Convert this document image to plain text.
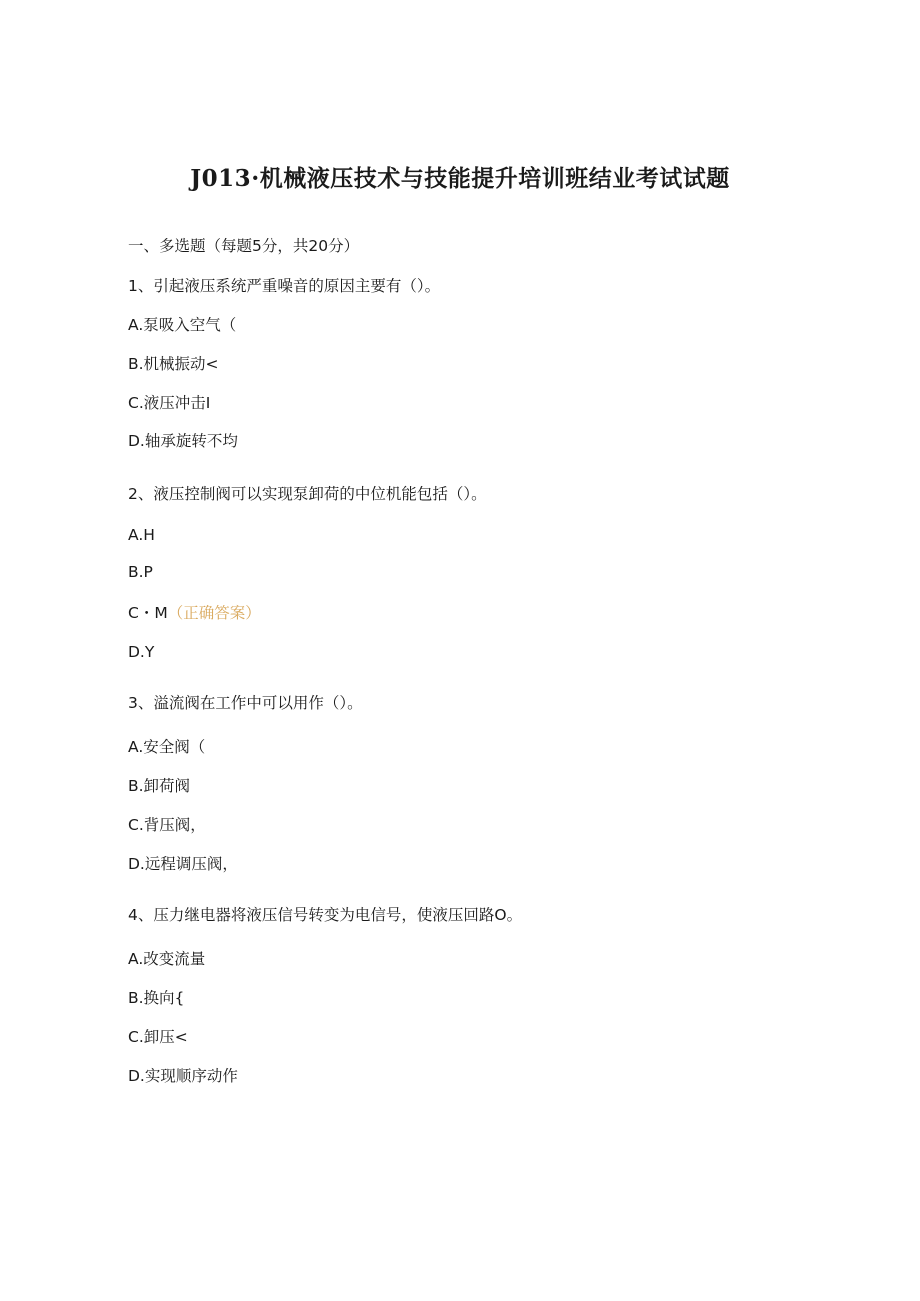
J013·机械液压技术与技能提升培训班结业考试试题
一、多选题（每题5分，共20分）
1、引起液压系统严重噪音的原因主要有（）。
A.泵吸入空气（
B.机械振动<
C.液压冲击I
D.轴承旋转不均
2、液压控制阀可以实现泵卸荷的中位机能包括（）。
A.H
B.P
C・M（正确答案）
D.Y
3、溢流阀在工作中可以用作（）。
A.安全阀（
B.卸荷阀
C.背压阀，
D.远程调压阀，
4、压力继电器将液压信号转变为电信号，使液压回路O。
A.改变流量
B.换向{
C.卸压<
D.实现顺序动作
